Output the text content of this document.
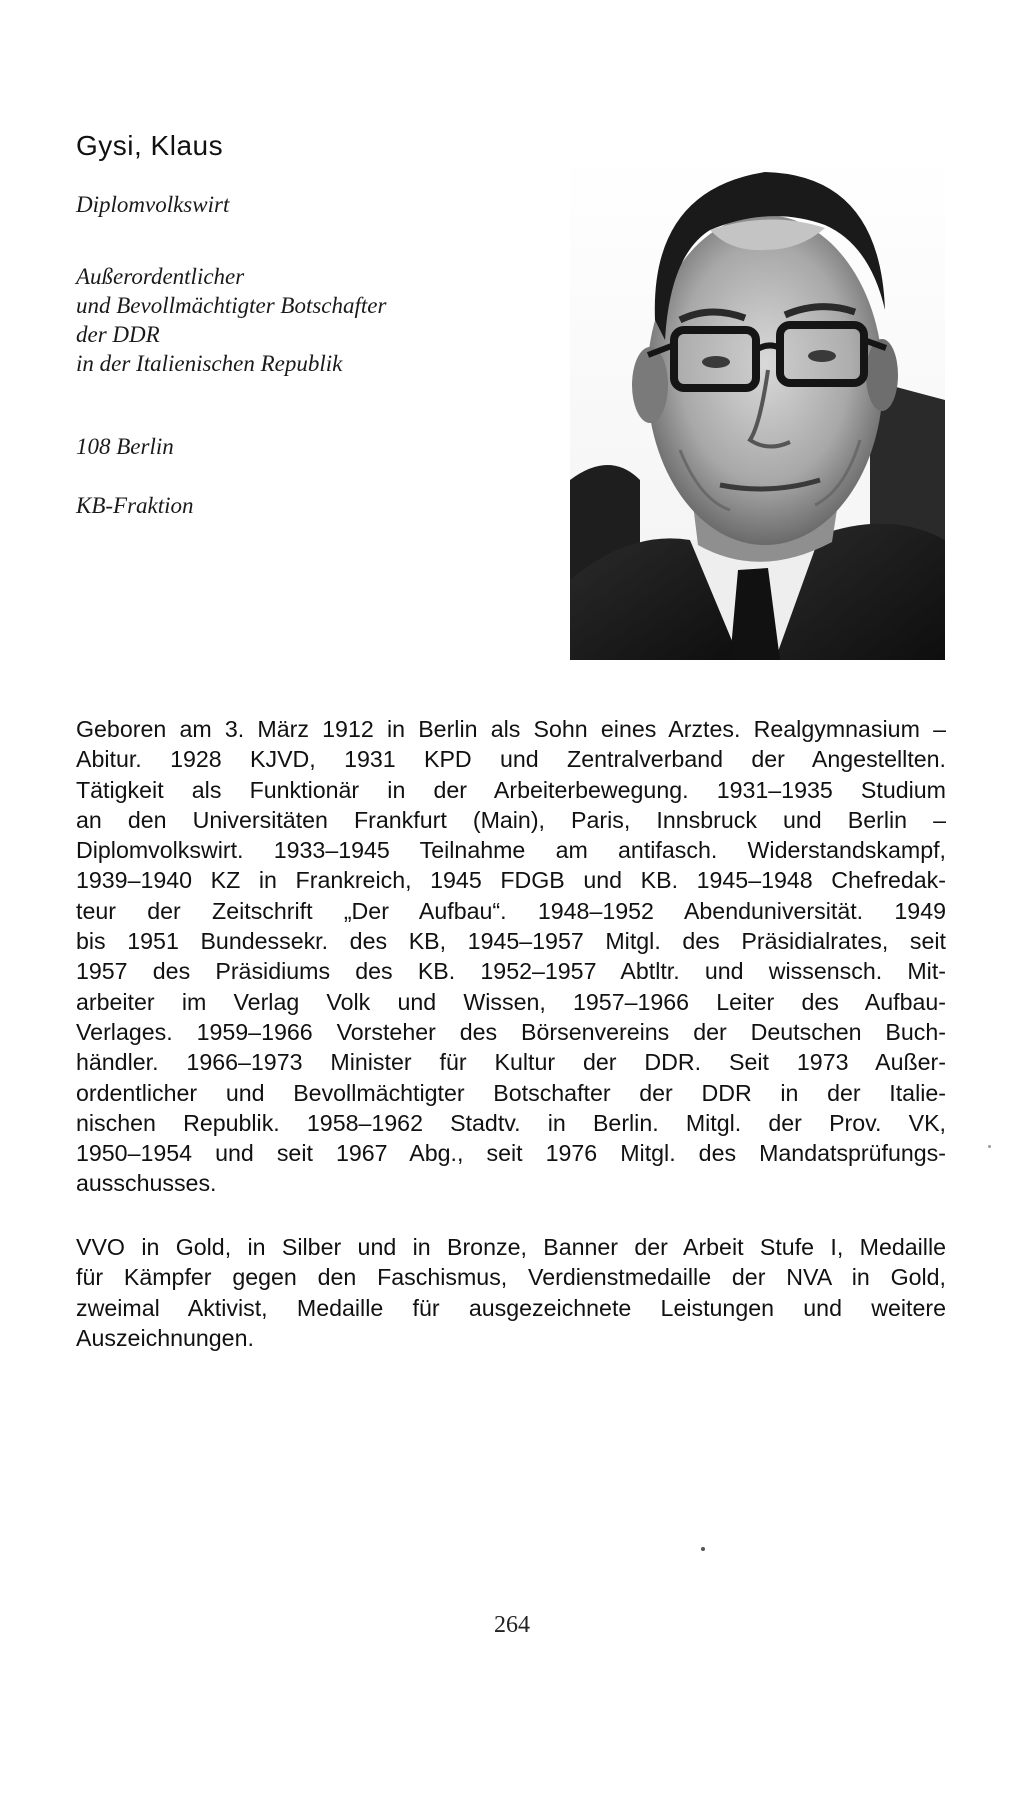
Gysi, Klaus

Diplomvolkswirt

Außerordentlicher
und Bevollmächtigter Botschafter
der DDR
in der Italienischen Republik

108 Berlin

KB-Fraktion

Geboren am 3. März 1912 in Berlin als Sohn eines Arztes. Realgymnasium –
Abitur. 1928 KJVD, 1931 KPD und Zentralverband der Angestellten.
Tätigkeit als Funktionär in der Arbeiterbewegung. 1931–1935 Studium
an den Universitäten Frankfurt (Main), Paris, Innsbruck und Berlin –
Diplomvolkswirt. 1933–1945 Teilnahme am antifasch. Widerstandskampf,
1939–1940 KZ in Frankreich, 1945 FDGB und KB. 1945–1948 Chefredak-
teur der Zeitschrift „Der Aufbau“. 1948–1952 Abenduniversität. 1949
bis 1951 Bundessekr. des KB, 1945–1957 Mitgl. des Präsidialrates, seit
1957 des Präsidiums des KB. 1952–1957 Abtltr. und wissensch. Mit-
arbeiter im Verlag Volk und Wissen, 1957–1966 Leiter des Aufbau-
Verlages. 1959–1966 Vorsteher des Börsenvereins der Deutschen Buch-
händler. 1966–1973 Minister für Kultur der DDR. Seit 1973 Außer-
ordentlicher und Bevollmächtigter Botschafter der DDR in der Italie-
nischen Republik. 1958–1962 Stadtv. in Berlin. Mitgl. der Prov. VK,
1950–1954 und seit 1967 Abg., seit 1976 Mitgl. des Mandatsprüfungs-
ausschusses.

VVO in Gold, in Silber und in Bronze, Banner der Arbeit Stufe I, Medaille
für Kämpfer gegen den Faschismus, Verdienstmedaille der NVA in Gold,
zweimal Aktivist, Medaille für ausgezeichnete Leistungen und weitere
Auszeichnungen.

264
